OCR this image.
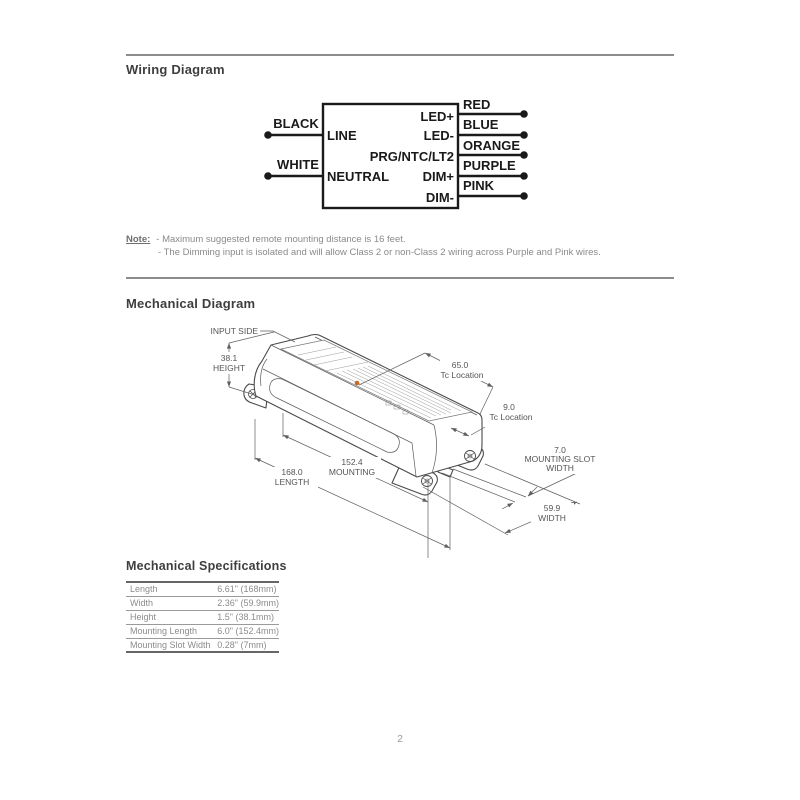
Wiring Diagram
BLACK
WHITE
LINE
NEUTRAL
LED+
LED-
PRG/NTC/LT2
DIM+
DIM-
RED
BLUE
ORANGE
PURPLE
PINK
Note: - Maximum suggested remote mounting distance is 16 feet.
- The Dimming input is isolated and will allow Class 2 or non-Class 2 wiring across Purple and Pink wires.
Mechanical Diagram
INPUT SIDE
38.1
HEIGHT	65.0
Tc Location
9.0
Tc Location
7.0
MOUNTING SLOT
WIDTH
152.4
MOUNTING
168.0
LENGTH
59.9
WIDTH
Mechanical Specifications
Length	6.61" (168mm)
Width	2.36" (59.9mm)
Height	1.5" (38.1mm)
Mounting Length	6.0" (152.4mm)
Mounting Slot Width	0.28" (7mm)
2
